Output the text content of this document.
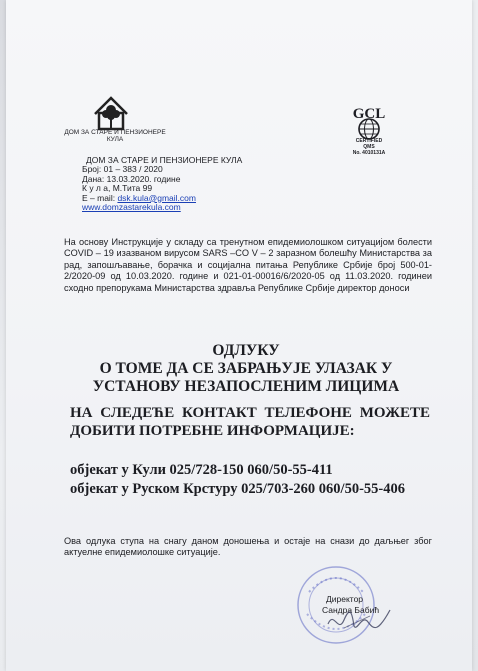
ДОМ ЗА СТАРЕ И ПЕНЗИОНЕРЕ
КУЛА
ДОМ ЗА СТАРЕ И ПЕНЗИОНЕРЕ КУЛА
Број: 01 – 383 / 2020
Дана: 13.03.2020. године
К у л а, М.Тита 99
Е – mail: dsk.kula@gmail.com
www.domzastarekula.com
GCL
CERTIFIED
QMS
No. 4010131A
На основу Инструкције у складу са тренутном епидемиолошком ситуацијом болести COVID – 19 изазваном вирусом SARS –CO V – 2 заразном болешћу Министарства за рад, запошљавање, борачка и социјална питања Републике Србије број 500-01-2/2020-09 од 10.03.2020. године и 021-01-00016/6/2020-05 од 11.03.2020. годинеи сходно препорукама Министарства здравља Републике Србије директор доноси
ОДЛУКУ
О ТОМЕ ДА СЕ ЗАБРАЊУЈЕ УЛАЗАК У
УСТАНОВУ НЕЗАПОСЛЕНИМ ЛИЦИМА
НА СЛЕДЕЋЕ КОНТАКТ ТЕЛЕФОНЕ МОЖЕТЕ ДОБИТИ ПОТРЕБНЕ ИНФОРМАЦИЈЕ:
објекат у Кули 025/728-150 060/50-55-411
објекат у Руском Крстуру 025/703-260 060/50-55-406
Ова одлука ступа на снагу даном доношења и остаје на снази до даљњег због актуелне епидемиолошке ситуације.
Директор
Сандра Бабић
